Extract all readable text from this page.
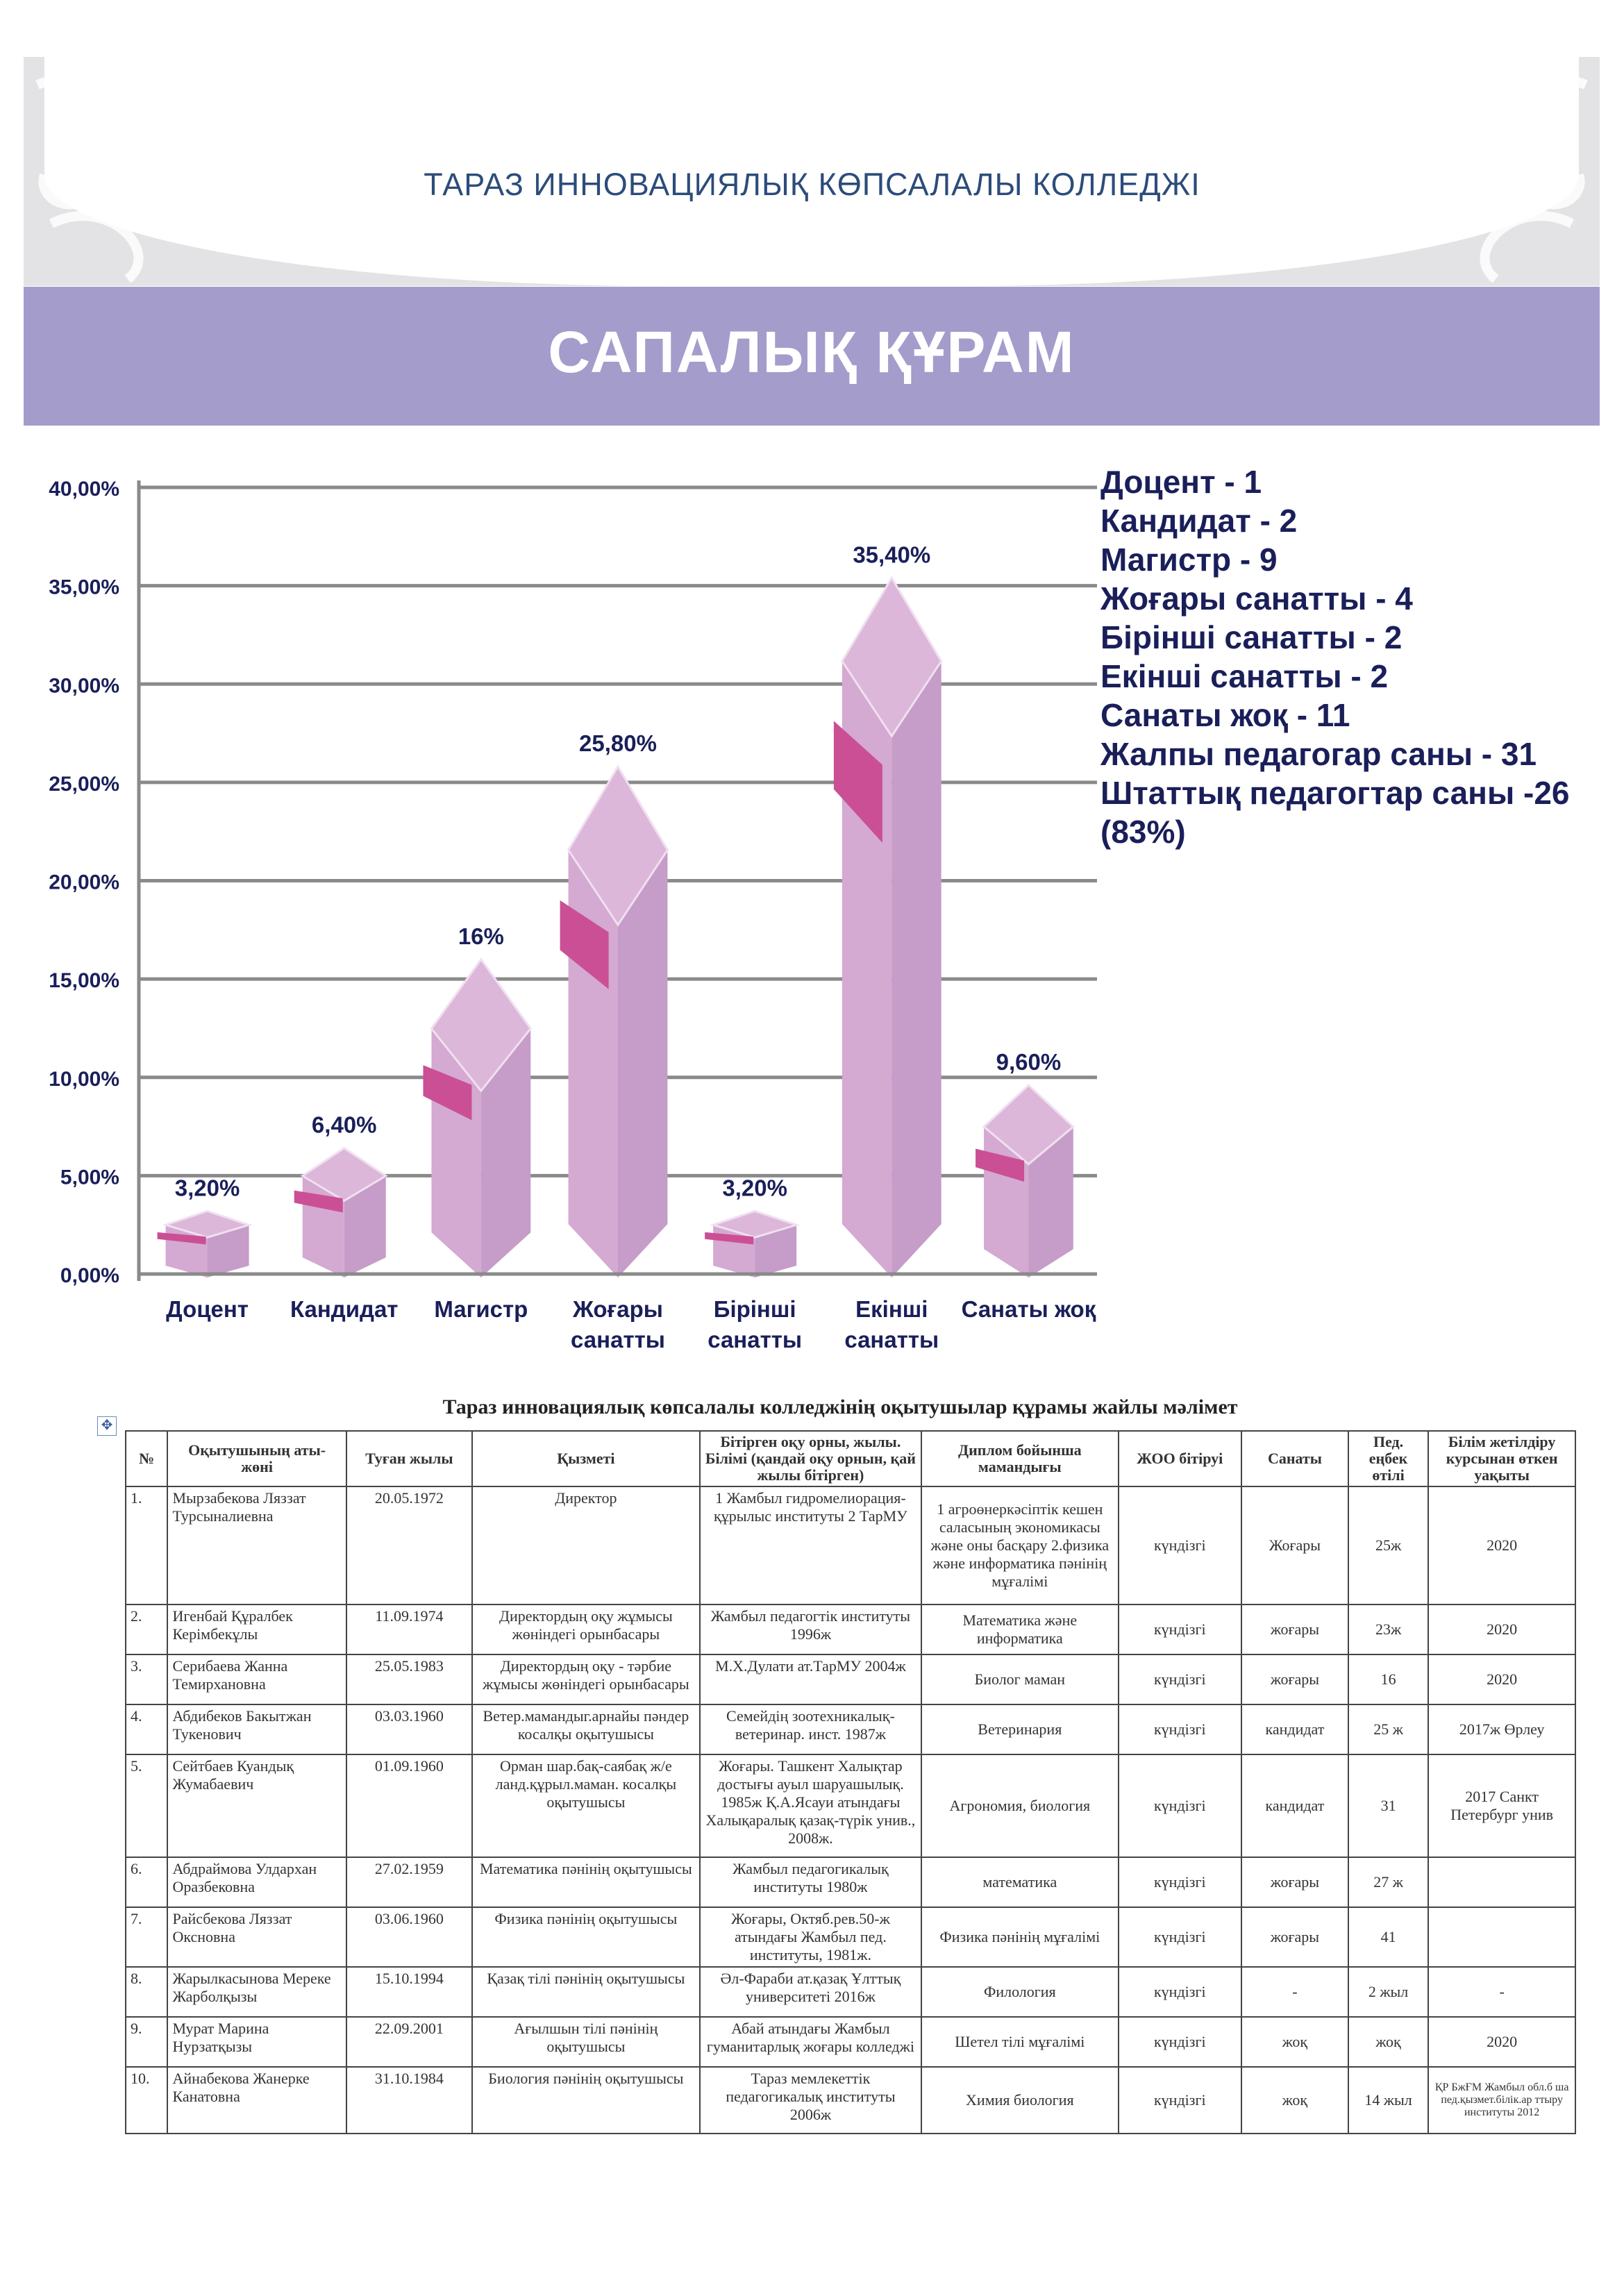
ТАРАЗ ИННОВАЦИЯЛЫҚ КӨПСАЛАЛЫ КОЛЛЕДЖІ
САПАЛЫҚ ҚҰРАМ
0,00%
5,00%
10,00%
15,00%
20,00%
25,00%
30,00%
35,00%
40,00%
3,20%
Доцент
6,40%
Кандидат
16%
Магистр
25,80%
Жоғары
санатты
3,20%
Бірінші
санатты
35,40%
Екінші
санатты
9,60%
Санаты жоқ
Доцент - 1
Кандидат - 2
Магистр - 9
Жоғары санатты - 4
Бірінші санатты - 2
Екінші санатты - 2
Санаты жоқ - 11
Жалпы педагогар саны - 31
Штаттық педагогтар саны -26
(83%)
✥
Тараз инновациялық көпсалалы колледжінің оқытушылар құрамы жайлы мәлімет
№	Оқытушының аты-жөні	Туған жылы	Қызметі	Бітірген оқу орны, жылы. Білімі (қандай оқу орнын, қай жылы бітірген)	Диплом бойынша мамандығы	ЖОО бітіруі	Санаты	Пед. еңбек өтілі	Білім жетілдіру курсынан өткен уақыты
1.	Мырзабекова Ляззат Турсыналиевна	20.05.1972	Директор	1 Жамбыл гидромелиорация-құрылыс институты 2 ТарМУ	1 агроөнеркәсіптік кешен саласының экономикасы және оны басқару 2.физика және информатика пәнінің мұғалімі	күндізгі	Жоғары	25ж	2020
2.	Игенбай Құралбек Керімбекұлы	11.09.1974	Директордың оқу жұмысы жөніндегі орынбасары	Жамбыл педагогтік институты 1996ж	Математика және информатика	күндізгі	жоғары	23ж	2020
3.	Серибаева Жанна Темирхановна	25.05.1983	Директордың оқу - тәрбие жұмысы жөніндегі орынбасары	М.Х.Дулати ат.ТарМУ 2004ж	Биолог маман	күндізгі	жоғары	16	2020
4.	Абдибеков Бакытжан Тукенович	03.03.1960	Ветер.мамандыг.арнайы пәндер косалқы оқытушысы	Семейдің зоотехникалық-ветеринар. инст. 1987ж	Ветеринария	күндізгі	кандидат	25 ж	2017ж Өрлеу
5.	Сейтбаев Куандық Жумабаевич	01.09.1960	Орман шар.бақ-саябақ ж/е ланд.құрыл.маман. косалқы оқытушысы	Жоғары. Ташкент Халықтар достығы ауыл шаруашылық. 1985ж Қ.А.Ясауи атындағы Халықаралық қазақ-түрік унив., 2008ж.	Агрономия, биология	күндізгі	кандидат	31	2017 Санкт Петербург унив
6.	Абдраймова Улдархан Оразбековна	27.02.1959	Математика пәнінің оқытушысы	Жамбыл педагогикалық институты 1980ж	математика	күндізгі	жоғары	27 ж	
7.	Райсбекова Ляззат Оксновна	03.06.1960	Физика пәнінің оқытушысы	Жоғары, Октяб.рев.50-ж атындағы Жамбыл пед. институты, 1981ж.	Физика пәнінің мұғалімі	күндізгі	жоғары	41	
8.	Жарылкасынова Мереке Жарболқызы	15.10.1994	Қазақ тілі пәнінің оқытушысы	Әл-Фараби ат.қазақ Ұлттық университеті 2016ж	Филология	күндізгі	-	2 жыл	-
9.	Мурат Марина Нурзатқызы	22.09.2001	Ағылшын тілі пәнінің оқытушысы	Абай атындағы Жамбыл гуманитарлық жоғары колледжі	Шетел тілі мұғалімі	күндізгі	жоқ	жоқ	2020
10.	Айнабекова Жанерке Канатовна	31.10.1984	Биология пәнінің оқытушысы	Тараз мемлекеттік педагогикалық институты 2006ж	Химия биология	күндізгі	жоқ	14 жыл	ҚР БжҒМ Жамбыл обл.б ша пед.қызмет.білік.ар ттыру институты 2012
